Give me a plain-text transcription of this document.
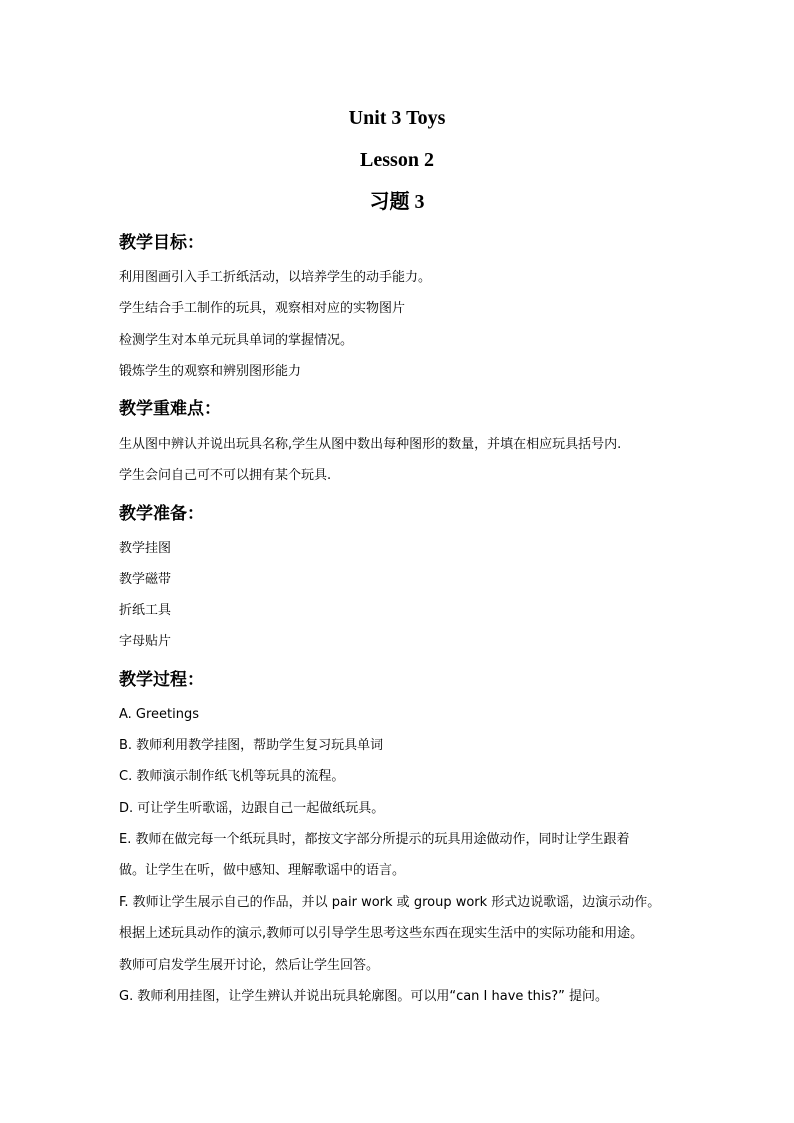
Unit 3 Toys
Lesson 2
习题 3
教学目标：
利用图画引入手工折纸活动，以培养学生的动手能力。
学生结合手工制作的玩具，观察相对应的实物图片
检测学生对本单元玩具单词的掌握情况。
锻炼学生的观察和辨别图形能力
教学重难点：
生从图中辨认并说出玩具名称,学生从图中数出每种图形的数量，并填在相应玩具括号内.
学生会问自己可不可以拥有某个玩具.
教学准备：
教学挂图
教学磁带
折纸工具
字母贴片
教学过程：
A. Greetings
B. 教师利用教学挂图，帮助学生复习玩具单词
C. 教师演示制作纸飞机等玩具的流程。
D. 可让学生听歌谣，边跟自己一起做纸玩具。
E. 教师在做完每一个纸玩具时，都按文字部分所提示的玩具用途做动作，同时让学生跟着
做。让学生在听，做中感知、理解歌谣中的语言。
F. 教师让学生展示自己的作品，并以 pair work 或 group work 形式边说歌谣，边演示动作。
根据上述玩具动作的演示,教师可以引导学生思考这些东西在现实生活中的实际功能和用途。
教师可启发学生展开讨论，然后让学生回答。
G. 教师利用挂图，让学生辨认并说出玩具轮廓图。可以用“can I have this?” 提问。
